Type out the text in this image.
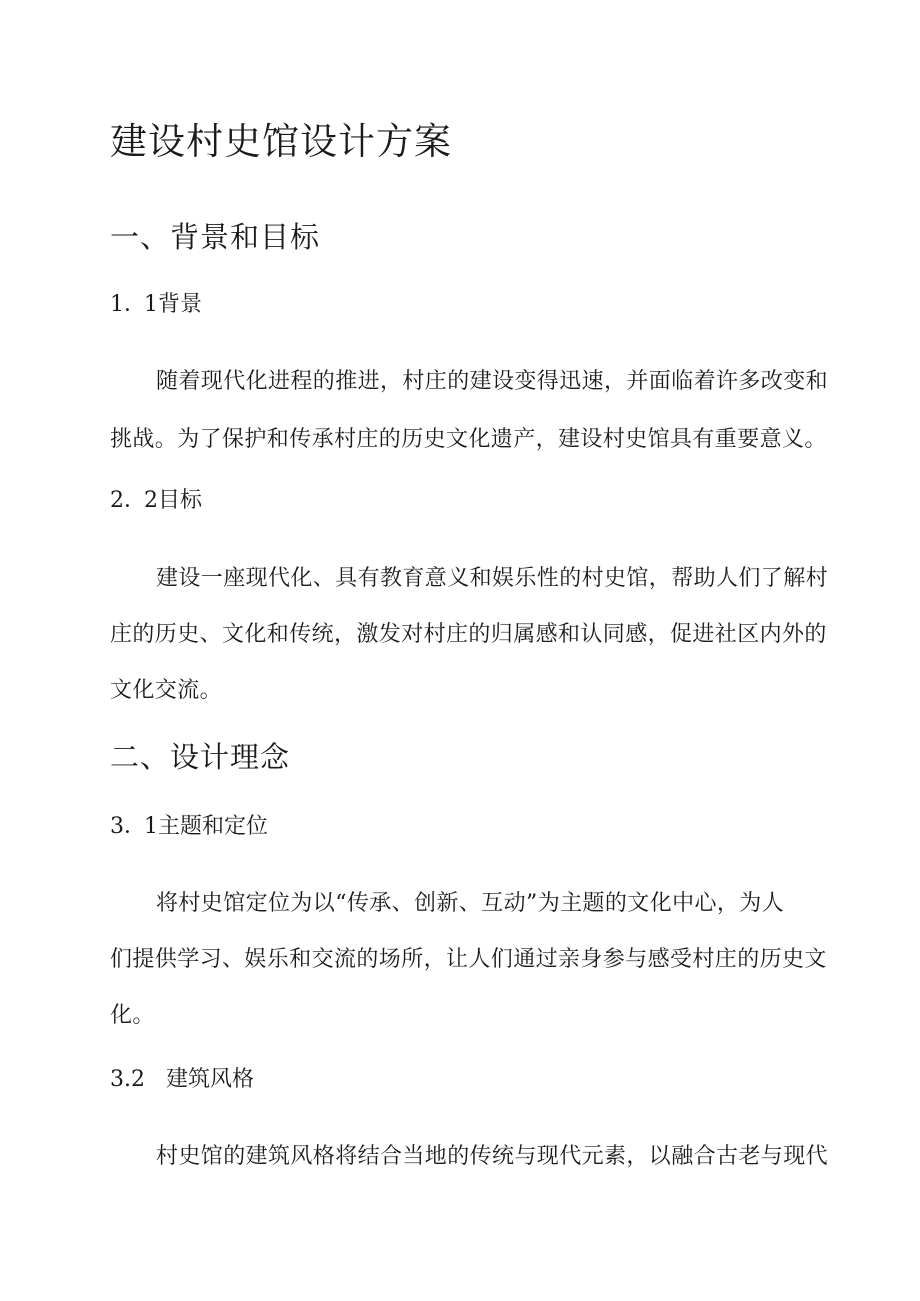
建设村史馆设计方案
一、背景和目标
1．1背景
随着现代化进程的推进，村庄的建设变得迅速，并面临着许多改变和
挑战。为了保护和传承村庄的历史文化遗产，建设村史馆具有重要意义。
2．2目标
建设一座现代化、具有教育意义和娱乐性的村史馆，帮助人们了解村
庄的历史、文化和传统，激发对村庄的归属感和认同感，促进社区内外的
文化交流。
二、设计理念
3．1主题和定位
将村史馆定位为以“传承、创新、互动”为主题的文化中心，为人
们提供学习、娱乐和交流的场所，让人们通过亲身参与感受村庄的历史文
化。
3.2 建筑风格
村史馆的建筑风格将结合当地的传统与现代元素，以融合古老与现代
